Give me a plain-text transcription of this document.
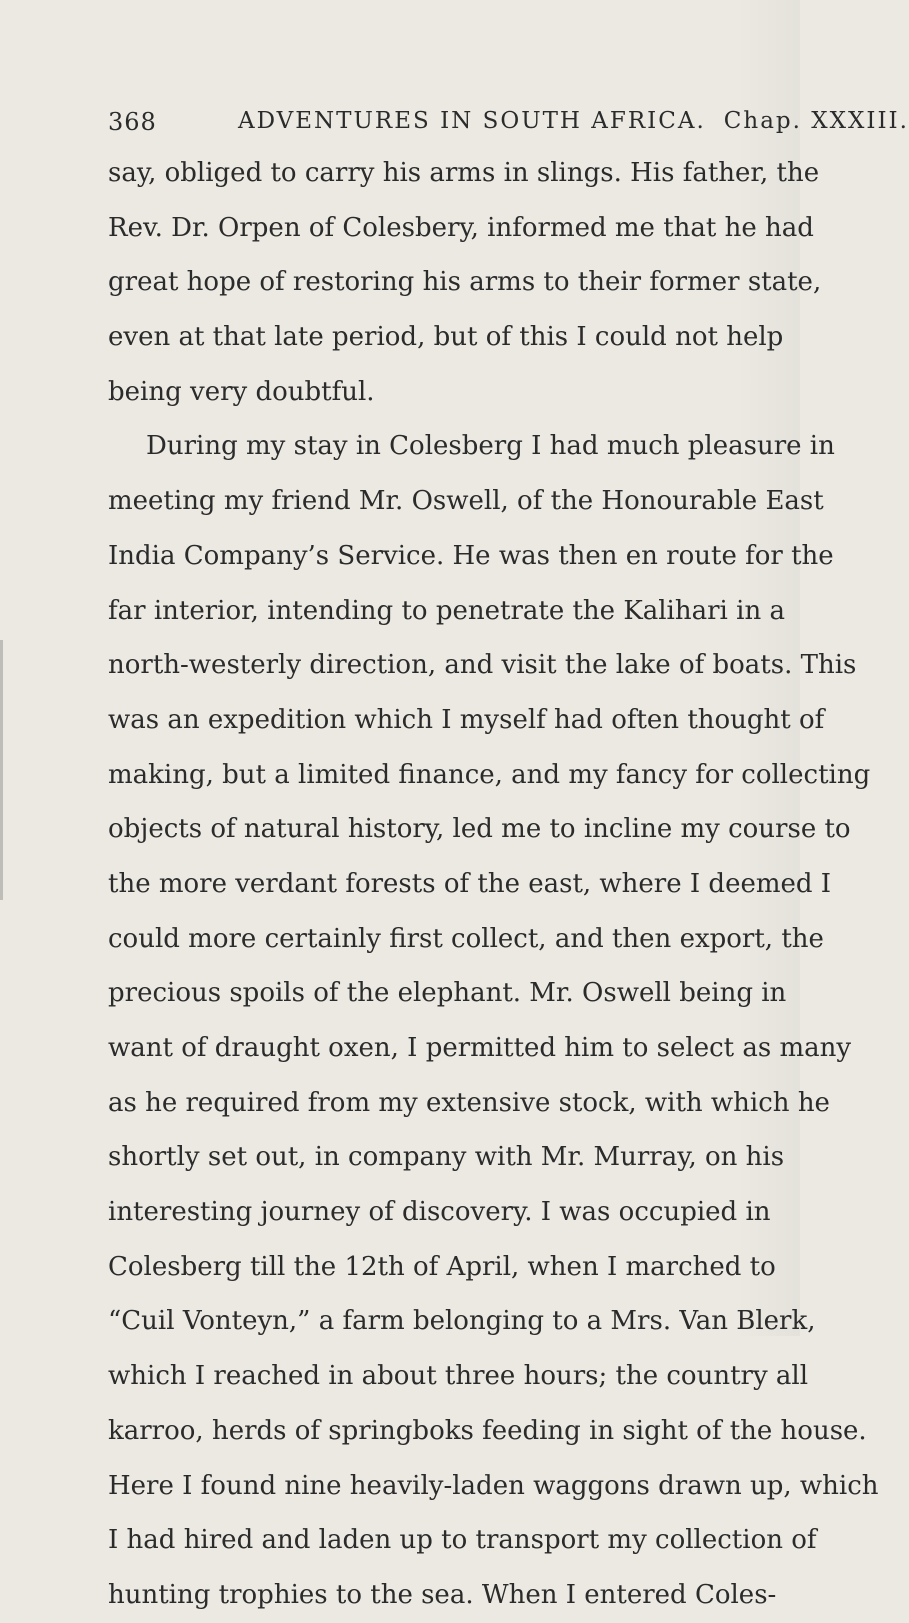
368	ADVENTURES IN SOUTH AFRICA. Chap. XXXIII.
say, obliged to carry his arms in slings. His father, the
Rev. Dr. Orpen of Colesbery, informed me that he had
great hope of restoring his arms to their former state,
even at that late period, but of this I could not help
being very doubtful.
During my stay in Colesberg I had much pleasure in
meeting my friend Mr. Oswell, of the Honourable East
India Company’s Service. He was then en route for the
far interior, intending to penetrate the Kalihari in a
north-westerly direction, and visit the lake of boats. This
was an expedition which I myself had often thought of
making, but a limited finance, and my fancy for collecting
objects of natural history, led me to incline my course to
the more verdant forests of the east, where I deemed I
could more certainly first collect, and then export, the
precious spoils of the elephant. Mr. Oswell being in
want of draught oxen, I permitted him to select as many
as he required from my extensive stock, with which he
shortly set out, in company with Mr. Murray, on his
interesting journey of discovery. I was occupied in
Colesberg till the 12th of April, when I marched to
“Cuil Vonteyn,” a farm belonging to a Mrs. Van Blerk,
which I reached in about three hours; the country all
karroo, herds of springboks feeding in sight of the house.
Here I found nine heavily-laden waggons drawn up, which
I had hired and laden up to transport my collection of
hunting trophies to the sea. When I entered Coles-
